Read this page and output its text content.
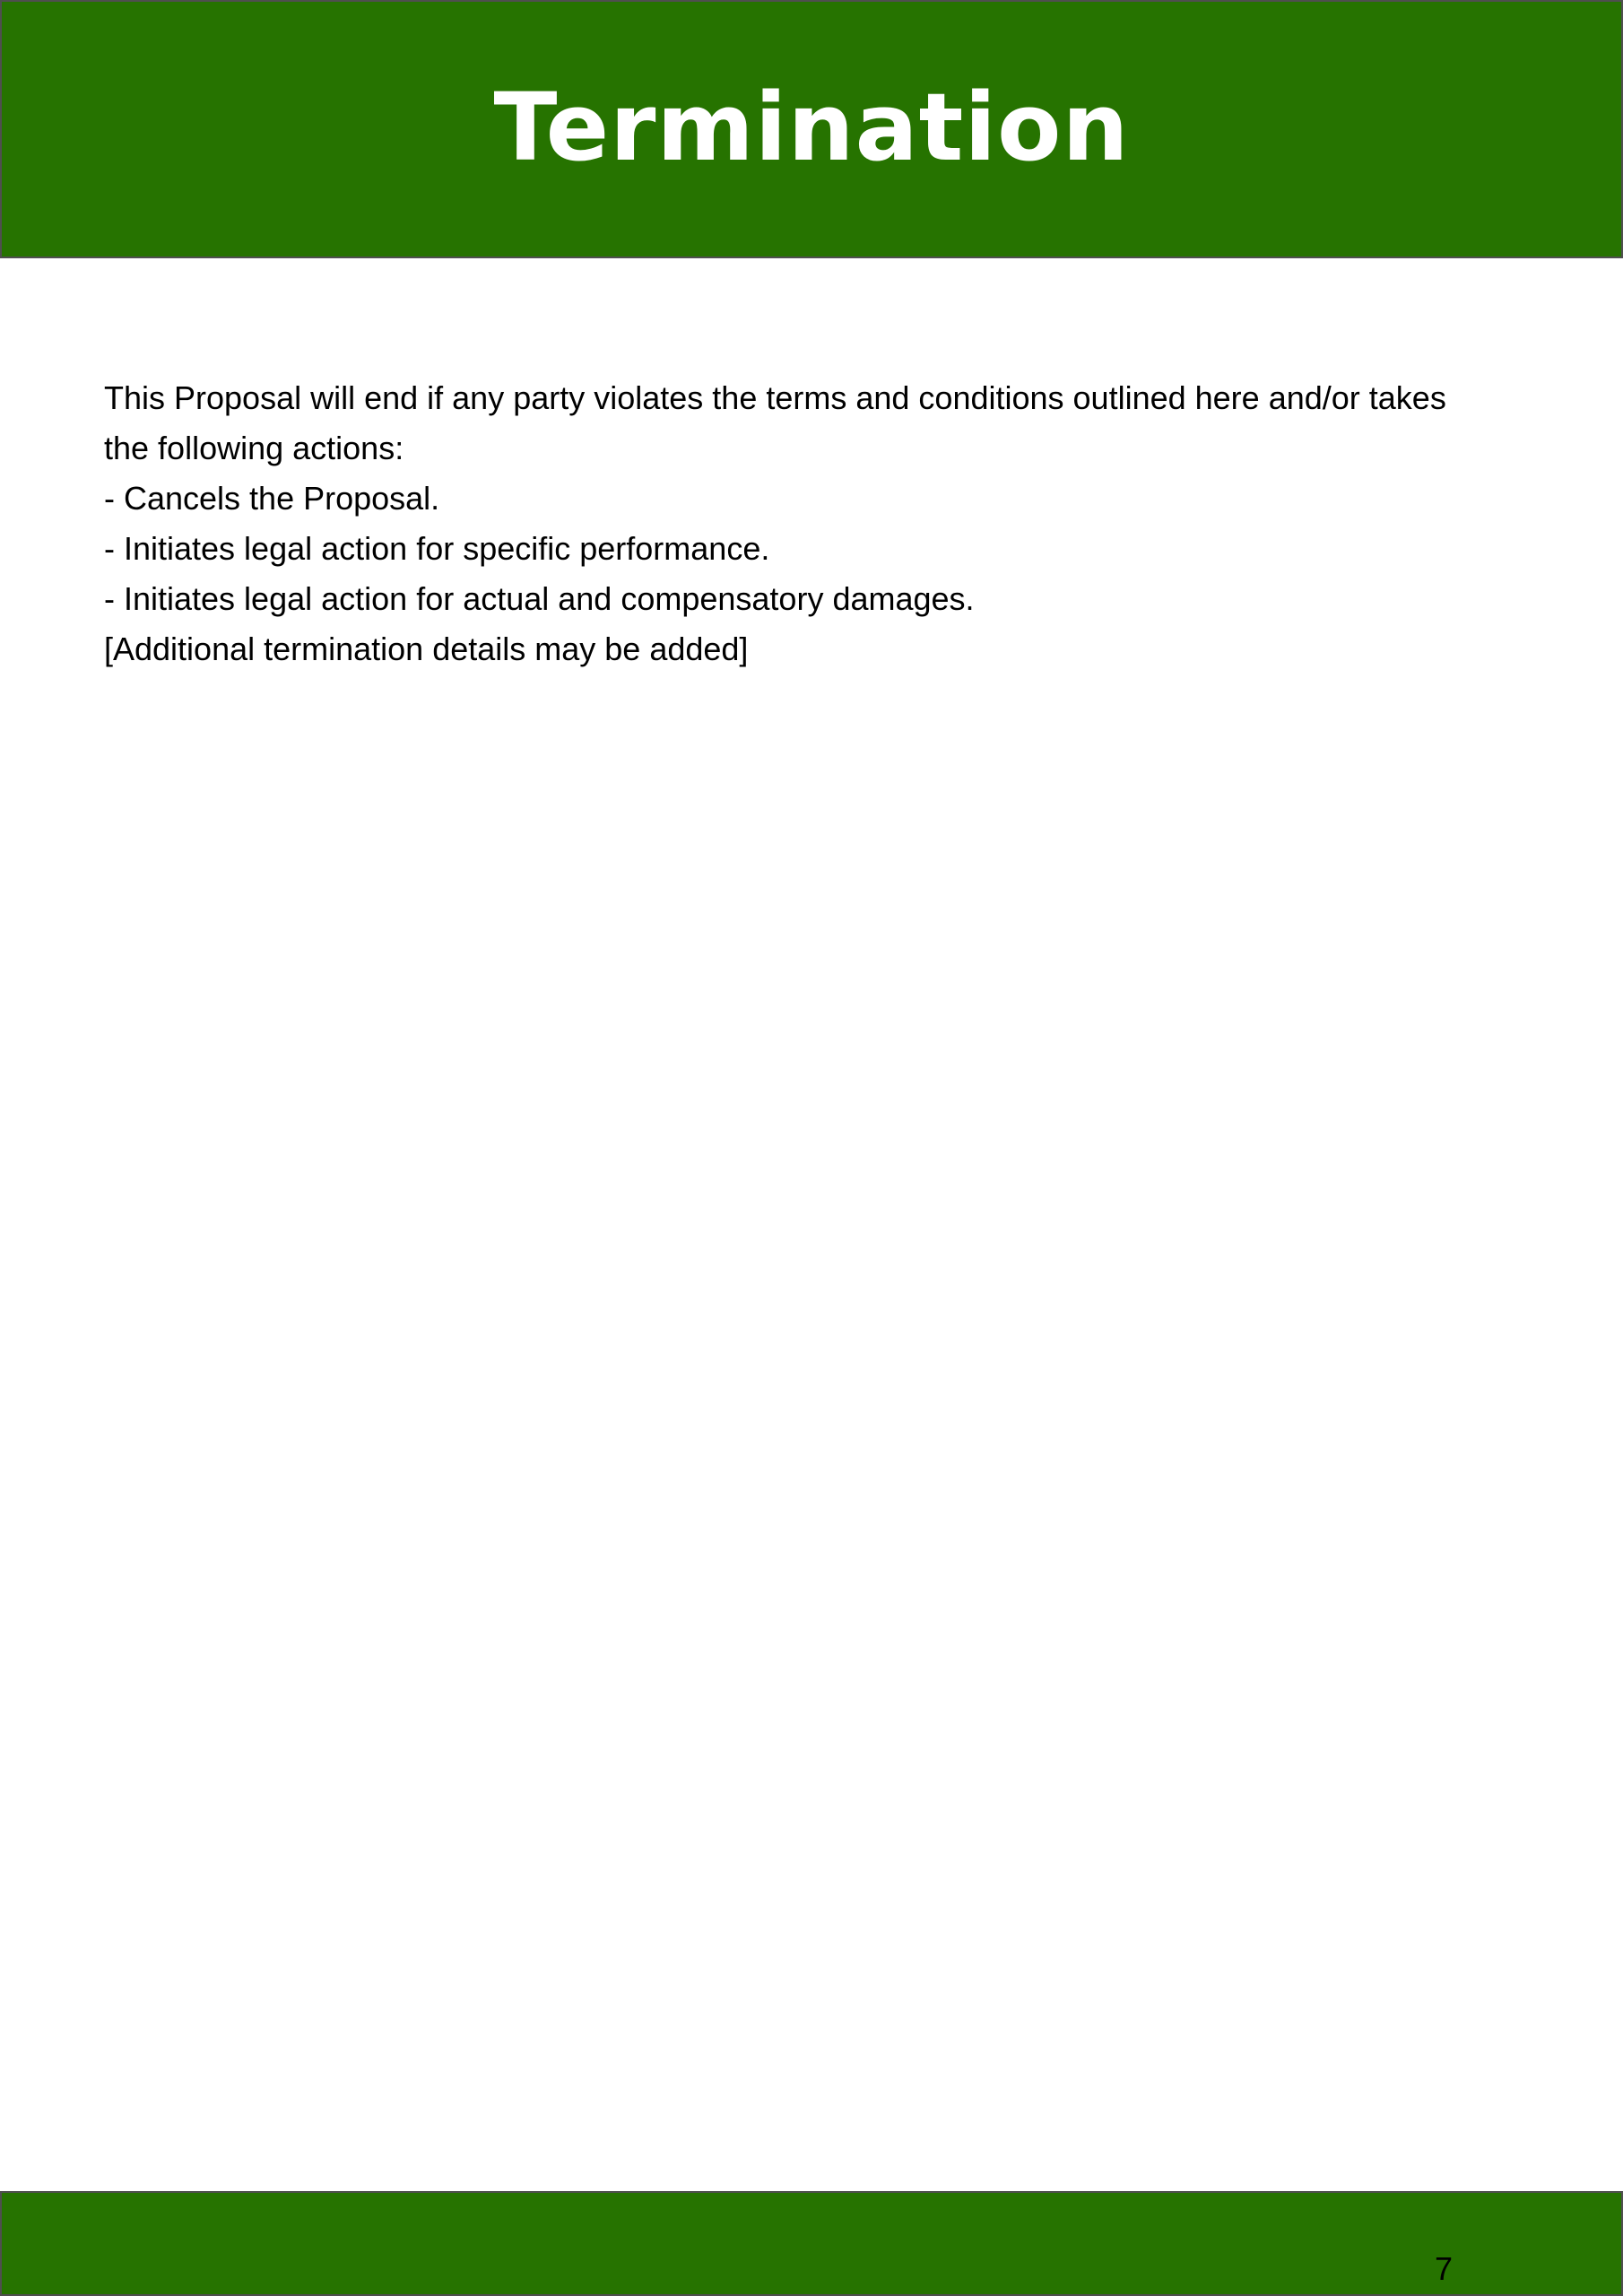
Termination

This Proposal will end if any party violates the terms and conditions outlined here and/or takes

the following actions:

- Cancels the Proposal.

- Initiates legal action for specific performance.

- Initiates legal action for actual and compensatory damages.

[Additional termination details may be added]

7
